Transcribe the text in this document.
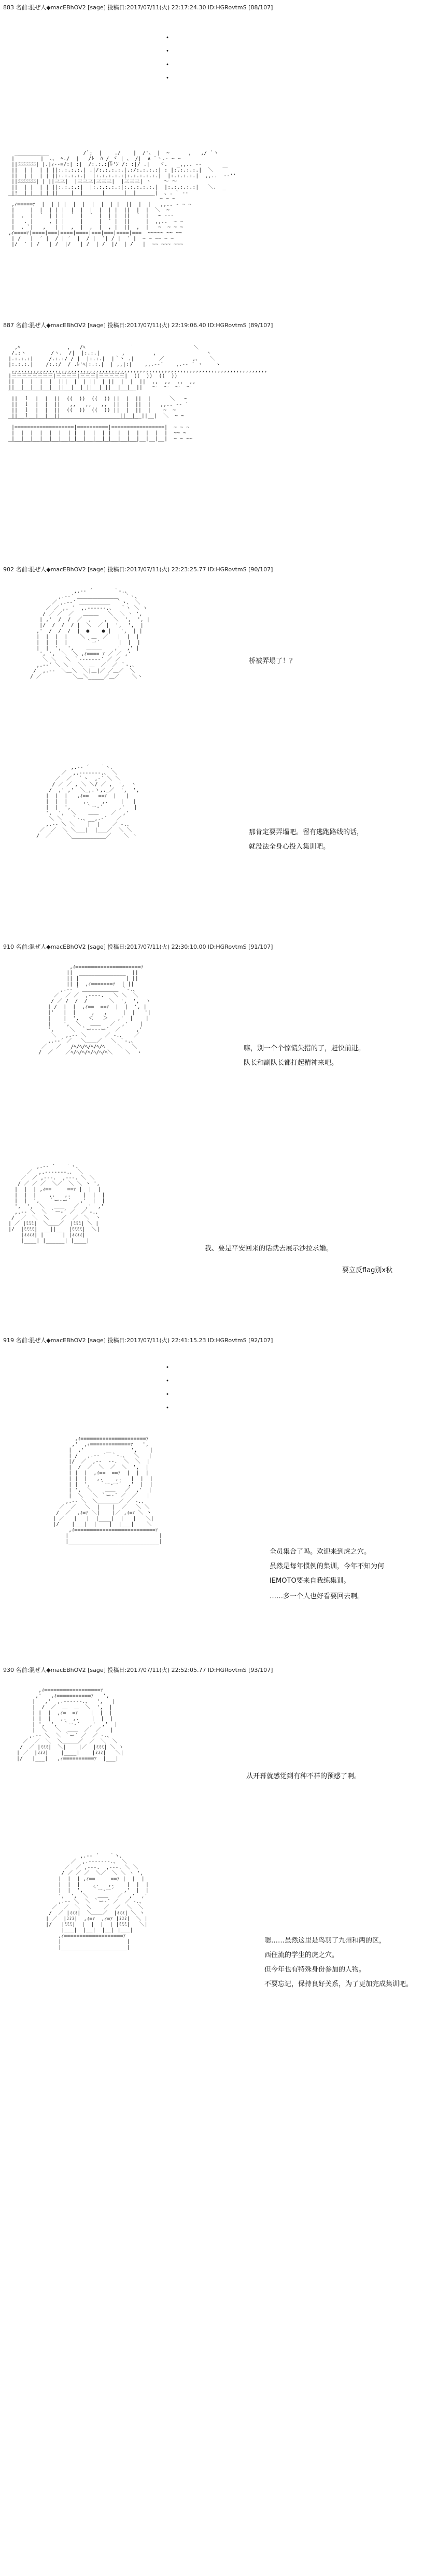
883 名前:混ぜ人◆macEBhOV2 [sage] 投稿日:2017/07/11(火) 22:17:24.30 ID:HGRovtmS [88/107]
・
・
・
・
__________           /`;  |    ./    |  /'、 |  ~      ,   ,/ `ヽ
|￣￣￣￣￣|  、、 ﾍ./  |   /ﾄ  ﾊ /_ヾ | 、 /|  ∧ `ヽ.- ~ ~
||ﾆﾆﾆﾆﾆﾆﾆ| |.|ｨ-‐=/:| :|  /:.:.:|ﾚ'ﾝ /: :|/ .|   ヾ.   _,,.. -‐
||  | |  | | ||:.:.:.:.| .|/:.:.:.:.|.:/:.:.:.:| : |:.:.:.:.|  ＼   ￣
||  | |  | | ||:.:.:.:.|  |:.:.:.:.:|:.:.:.:.:.|  |:.:.:.:.|  ,,..  -‐''
||ﾆﾆﾆﾆﾆﾆﾆ| | ||三三|  |三三三|三三三|  |三三三| ヽ    ～ ～
||  | |  | | ||:.:.:.:|  |:.:.:.:.:|:.:.:.:.:.|  |:.:.:.:.:|   ＼.  _
|!__|_|__|_| ||____|__|______|______|__|______|  、. ` ‐-
￣￣￣￣￣￣￣￣￣￣￣￣￣￣￣￣￣￣￣￣￣￣￣￣￣￣￣￣  ~ ~ ~
,ｨ=====ｧ  |  | | |  |  |  |  |  | |  ||  |  |   ,,.. ‐ ~ ~
|     |  |  | | |  |  |  |  |  | |  ||  |  |  ＼  ~
|  ,  |  ´  | | |  ´  |  ´  |  | |  ||  ´  |   ~ -‐‐
|   . |     , | |     |     |  ´ |  ||     |  ,,..  ~ ~
|  , `|   ,   | |  ,  |  ,  |  , |  ||  ,  |   ~  ~ ~ ~
,ｨ====ｧ|====|===|====|====|===|===|====|===  ~~~~~ ~~ ~~
| /   |  ′ |  / | ′  |  / |  ′| / |  ′ |  ~ ~ ~~ ~ ~
|/  ′ | /   | /  |/   | /  | /  |/  | /   |  ~~ ~~~ ~~~

887 名前:混ぜ人◆macEBhOV2 [sage] 投稿日:2017/07/11(火) 22:19:06.40 ID:HGRovtmS [89/107]
,ﾍ               ,   /ﾍ              ｀                   ＼
/.:ヽ        /ヽ.  /|  |:.:.|       ,         ,                ヽ
|.:.:.:|     /.:.:/ / |  |:.:.|  |｀ヽ .|        ／         ,、   ＼
|:.:.:.|    /:.:/  / .ﾚ'ﾍ|:.:.|  | ,,|:|    ,,.-‐´    ,.-‐ ´ ヽ    ヽ
,,,,,,,,,,,,,,,,,,,,,,,,,,,,,,,,,,,,,,,,,,,,,,,,,,,,,,,,,,,,,,,,,,,,,,,,,,,,,,,,,,
|三三三三三三三三|三三三三|三三三|三三三三三|  ((  ))  ((  ))
||  |  |  |  |  |||  |  | ||  | ||  |  |  ||  ,,  ,,  ,,  ,,
||__|__|__|__|__||__|__|_||__|_||__|__|__||   ～  ～  ～  ～
￣￣￣￣￣￣￣￣￣￣￣￣￣￣￣￣￣￣￣￣￣￣￣￣
||  ｌ  |  |  ||  ((  ))  ((  )) ||  |  ||  |      ＼   ~
||  ｌ  |  |  ||   ,,   ,,   ,,  ||  |  ||  |   ,,.. -‐ ´
||  ｌ  |  |  ||  ((  ))  ((  )) ||  |  ||  |    ~  ~
||__ｌ__|__|__||___________________||__|__||__|  ＼  ~ ~
￣￣￣￣￣￣￣￣￣￣￣￣￣￣￣￣￣￣￣￣￣￣￣￣￣
|===================|==========|=================|  ~ ~ ~
|  |  |  |  |  |  | |  |  |  | |  |  |  |  |  |  |  ~~ ~
|__|__|__|__|__|__|_|__|__|__|_|__|__|__|__|__|__|  ~ ~ ~~
￣￣￣￣￣￣￣￣￣￣￣￣￣￣￣￣￣￣￣￣￣￣￣￣￣

902 名前:混ぜ人◆macEBhOV2 [sage] 投稿日:2017/07/11(火) 22:23:25.77 ID:HGRovtmS [90/107]
,.-‐ ´￣￣￣￣｀‐.、
,.-‐´ ＿＿＿＿＿＿＿＿  ｀ヽ、
／ ,.-‐´ ＿＿＿＿＿＿  ｀ヽ、 ＼
／ ／ ,. ´  ,.-‐‐‐‐-.、  ｀ヽ ＼ ヽ
/ ／ ／  ／   ＿＿＿   ＼  ＼ ヽ ',
| ,'  /  /  ／  ,    ,  ＼  ',  ', |
|/  /  /  / |  ＼  ／ |  ',  ',  |
,'  /  /  /  |  ●    ● |   ',  | |
|  |  |  |    ＼  ＿  ／   |  |  |
|  |  |  |      ｀ー´      |  |  |
|  |  ',  ',    ＿＿＿    ,'  ,' |
', ',  ＼  ＼ ,ｨ==== ｧ ／ ／ ,'
＼ ＼   ＼ ｀-‐‐‐‐‐-´ ／ ／
,.-‐´ ＼ ＼   ＼  ＿  ／  ／ ｀‐.、
/  ,.-‐  ＼＿＼  ＼|＿|／ ／＿／  ＼
/ ／          ＼＿＼_____／＿／    ＼ヽ

桥被弄塌了！？
,.-‐ ´￣￣｀ヽ、
／  ,.-‐‐‐‐‐-.、 ＼
／  ／  ｀ヽ  ,-´ ＼ ＼
/ ／ ／ , ＼ ＼/ ／ ,  ',  ヽ
/  ,' ,'  ＼_,.ヽ,._／  ',  ',
|  |  |   ,ｨ==   ==ｧ  |   |
|  |  |     ,.    ,.    |   |
|  |  ',     ｀ー‐´     ,'   |
',  ',  ＼    ＿＿    ／  ,'
＼ ＼   ｀‐.、__,.‐´   ／
,.-‐ ＼ ＼    |  |    ／ ‐.、
／  ／  ＼ ＼___|  |___／  ＼ ＼
/  ／     ＼___________／    ＼ ヽ	那肯定要弄塌吧。留有逃跑路线的话，
就没法全身心投入集训吧。
910 名前:混ぜ人◆macEBhOV2 [sage] 投稿日:2017/07/11(火) 22:30:10.00 ID:HGRovtmS [91/107]
,ｨ=====================ｧ
||  _______________  ||
|| |               | ||
|| |  ,ｨ=======ｧ  | ||
,.-‐ ´ ＿＿＿＿＿＿＿ ｀‐.、
／  ／ ／  ,-‐‐-.   ＼ ＼  ＼
/ ／ /  /  /       ＼  ',  ',  ヽ
| /  |  |  ,ｨ==  ==ｧ  |  |  ', |
|'   |  |     ,   ,     |  |   '|
|    |  ',   ＜   ＞   ,'  |    |
|    ',  ＼   ＿＿   ／  ,'    |
',     ＼  ｀ー‐‐‐ー´  ／     ,'
＼   ,.-‐ ＼      ／ ‐.、   ／
,.-‐´ ／   ＼＿＿／   ＼ ｀‐.、
／   ／   /ﾍ/ﾍ/ﾍ/ﾍ/ﾍ/ﾍ    ＼   ＼
/  ／    ／ﾍ/ﾍ/ﾍ/ﾍ/ﾍ/ﾍ/ﾍ＼    ＼  ヽ

嘛，别一个个惊慌失措的了，赶快前进。
队长和副队长都打起精神来吧。
,.-‐ ´￣￣｀ヽ、
／  ,.-‐‐‐‐‐-.、 ＼
／  ／ ,-‐-.  ,-‐-. ＼ ＼
/ ／ ／ ／  ＼／  ＼ ＼ ヽ ',
|  |  | ,ｨ==     ==ｧ |  |  |
|  |  |    ,.   ,.    |  |  |
|  |  ',   ｀ー‐ー´   ,'  |  |
',  ',  ＼   ＿＿   ／  ,'  ,'
,.-‐ ＼  ＼ ｀ー‐´ ／  ／ ‐.、
/  ／  ＼  ＼    ／  ／  ＼  ヽ
| ／ |ﾐﾐﾐ|  ＼＿＿／  |ﾐﾐﾐ| ＼ |
|/  |ﾐﾐﾐﾐ|  __||__  |ﾐﾐﾐﾐ|  ＼|
|ﾐﾐﾐﾐ| |      | |ﾐﾐﾐﾐ|
|____| |______| |____|

我、要是平安回来的话就去展示沙拉求婚。
要立反flag别x秋
919 名前:混ぜ人◆macEBhOV2 [sage] 投稿日:2017/07/11(火) 22:41:15.23 ID:HGRovtmS [92/107]
・
・
・
・
,ｨ=====================ｧ
,'  ,ｨ=============ｧ   ',
|  ,'               ',    |
| /   ,.-‐ ´￣｀‐.、  ＼   |
|/  ／  ,-‐  ‐-.  ＼  ＼  |
|  /  ／  ＼  ／  ＼  ',  |
| |  |  ,ｨ==  ==ｧ  |  |  |
| |  |   ,.    ,.   |  |  |
| |  ',   ｀ー‐ー´  ,'  |  |
| ',  ＼    ＿＿   ／  ,'  |
|  ＼   ＼ ｀ー‐´ ／  ／   |
,.-‐ ＼  ＼＿＿＿＿／ ／ ‐.、
／  ／   ＼  |    |  ／   ＼ ＼
/  ／  ,ｨ=ｧ ＼|    |／ ,ｨ=ｧ ＼ ヽ
| ／   |   |  |____|  |   |   ＼|
|/    |___|  |    |  |___|    ＼
,ｨ==========================ｧ
|                             |
|_____________________________|

全员集合了吗。欢迎来到虎之穴。
虽然是每年惯例的集训，今年不知为何
IEMOTO要来自我练集训。
……多一个人也好看要回去啊。
930 名前:混ぜ人◆macEBhOV2 [sage] 投稿日:2017/07/11(火) 22:52:05.77 ID:HGRovtmS [93/107]
,ｨ==================ｧ
,'   ,ｨ===========ｧ   ',
|   ,'  ,.-‐‐‐‐-.、  ',   |
|  /  ／  ＿  ＿  ＼  ',  |
| |  |  ,ｨ=  =ｧ    |  |  |
| |  |   ,.  ,.    |  |  |
| ',  ',  ｀ー‐´   ,'  ,'  |
|  ＼   ＼  ＿＿  ／  ／   |
,.-‐ ＼  ＼ ｀ー´ ／  ／ ‐.、
／  ／  ＼  ＼＿＿＿／  ／  ＼  ＼
/  ／ |ﾐﾐﾐ|  ＼|    |／  |ﾐﾐﾐ| ＼ ヽ
| ／  |ﾐﾐﾐ|    |____|    |ﾐﾐﾐ|   ＼|
|/   |___|   ,ｨ==========ｧ  |___|

从开幕就感觉到有种不祥的预感了啊。
,.-‐ ´￣￣｀ヽ、
／  ,.-‐‐‐‐‐-.、 ＼
／  ／ ,-‐-.  ,-‐-. ＼ ＼
/ ／ ／ ／  ＼／  ＼ ＼ ヽ ',
|  |  | ,ｨ==     ==ｧ |  |  |
|  |  |    ,.   ,.    |  |  |
|  |  ',   ｀ー‐ー´   ,'  |  |
',  ',  ＼   ＿＿   ／  ,'  ,'
,.-‐ ＼  ＼ ｀ー‐´ ／  ／ ‐.、
／  ／  ＼  ＼    ／  ／  ＼  ＼
/  ／ |ﾐﾐﾐ|  ＼＿＿／  |ﾐﾐﾐ| ＼ ヽ
| ／  |ﾐﾐﾐ|  ,ｨ=ｧ  ,ｨ=ｧ |ﾐﾐﾐ|  ＼ |
|/   |ﾐﾐﾐ|  |  |  |  | |ﾐﾐﾐ|   ＼|
|___|  |__|  |__| |___|
,ｨ===================ｧ
|                     |
|_____________________|

嗯……虽然这里是鸟羽了九州和两的区，
西住流的学生的虎之穴。
但今年也有特殊身份参加的人物。
不要忘记，保持良好关系，为了更加完成集训吧。
